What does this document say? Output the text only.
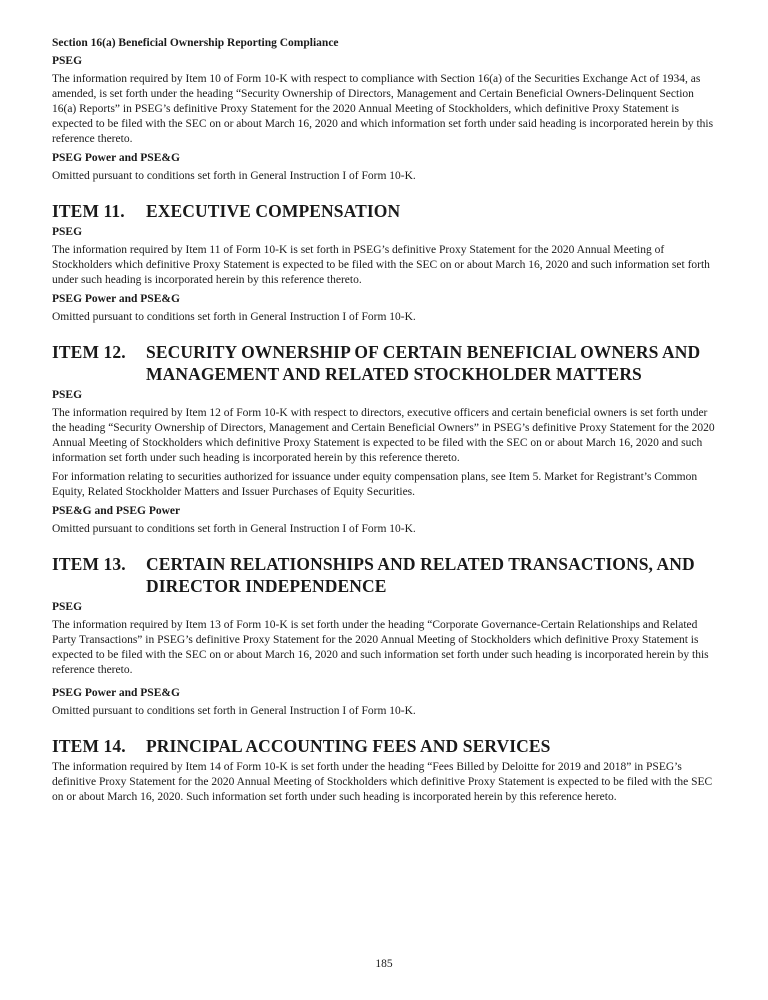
Section 16(a) Beneficial Ownership Reporting Compliance

PSEG

The information required by Item 10 of Form 10-K with respect to compliance with Section 16(a) of the Securities Exchange Act of 1934, as amended, is set forth under the heading “Security Ownership of Directors, Management and Certain Beneficial Owners-Delinquent Section 16(a) Reports” in PSEG’s definitive Proxy Statement for the 2020 Annual Meeting of Stockholders, which definitive Proxy Statement is expected to be filed with the SEC on or about March 16, 2020 and which information set forth under said heading is incorporated herein by this reference thereto.

PSEG Power and PSE&G

Omitted pursuant to conditions set forth in General Instruction I of Form 10-K.

ITEM 11.	EXECUTIVE COMPENSATION

PSEG

The information required by Item 11 of Form 10-K is set forth in PSEG’s definitive Proxy Statement for the 2020 Annual Meeting of Stockholders which definitive Proxy Statement is expected to be filed with the SEC on or about March 16, 2020 and such information set forth under such heading is incorporated herein by this reference thereto.

PSEG Power and PSE&G

Omitted pursuant to conditions set forth in General Instruction I of Form 10-K.

ITEM 12.	SECURITY OWNERSHIP OF CERTAIN BENEFICIAL OWNERS AND MANAGEMENT AND RELATED STOCKHOLDER MATTERS

PSEG

The information required by Item 12 of Form 10-K with respect to directors, executive officers and certain beneficial owners is set forth under the heading “Security Ownership of Directors, Management and Certain Beneficial Owners” in PSEG’s definitive Proxy Statement for the 2020 Annual Meeting of Stockholders which definitive Proxy Statement is expected to be filed with the SEC on or about March 16, 2020 and such information set forth under such heading is incorporated herein by this reference thereto.

For information relating to securities authorized for issuance under equity compensation plans, see Item 5. Market for Registrant’s Common Equity, Related Stockholder Matters and Issuer Purchases of Equity Securities.

PSE&G and PSEG Power

Omitted pursuant to conditions set forth in General Instruction I of Form 10-K.

ITEM 13.	CERTAIN RELATIONSHIPS AND RELATED TRANSACTIONS, AND DIRECTOR INDEPENDENCE

PSEG

The information required by Item 13 of Form 10-K is set forth under the heading “Corporate Governance-Certain Relationships and Related Party Transactions” in PSEG’s definitive Proxy Statement for the 2020 Annual Meeting of Stockholders which definitive Proxy Statement is expected to be filed with the SEC on or about March 16, 2020 and such information set forth under such heading is incorporated herein by this reference thereto.

PSEG Power and PSE&G

Omitted pursuant to conditions set forth in General Instruction I of Form 10-K.

ITEM 14.	PRINCIPAL ACCOUNTING FEES AND SERVICES

The information required by Item 14 of Form 10-K is set forth under the heading “Fees Billed by Deloitte for 2019 and 2018” in PSEG’s definitive Proxy Statement for the 2020 Annual Meeting of Stockholders which definitive Proxy Statement is expected to be filed with the SEC on or about March 16, 2020. Such information set forth under such heading is incorporated herein by this reference hereto.

185
